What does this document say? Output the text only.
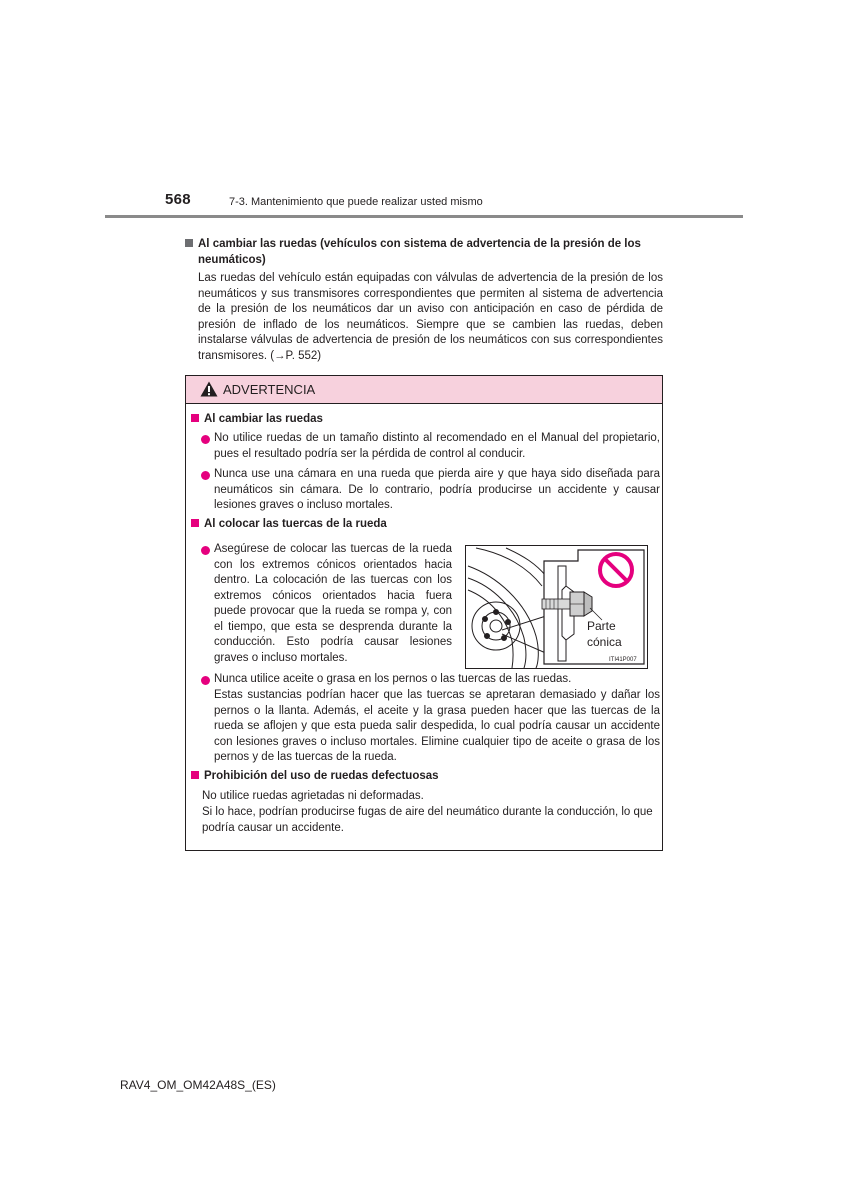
568	7-3. Mantenimiento que puede realizar usted mismo
Al cambiar las ruedas (vehículos con sistema de advertencia de la presión de los neumáticos)
Las ruedas del vehículo están equipadas con válvulas de advertencia de la presión de los neumáticos y sus transmisores correspondientes que permiten al sistema de advertencia de la presión de los neumáticos dar un aviso con anticipación en caso de pérdida de presión de inflado de los neumáticos. Siempre que se cambien las ruedas, deben instalarse válvulas de advertencia de presión de los neumáticos con sus correspondientes transmisores. (→P. 552)
ADVERTENCIA
Al cambiar las ruedas
No utilice ruedas de un tamaño distinto al recomendado en el Manual del propietario, pues el resultado podría ser la pérdida de control al conducir.
Nunca use una cámara en una rueda que pierda aire y que haya sido diseñada para neumáticos sin cámara. De lo contrario, podría producirse un accidente y causar lesiones graves o incluso mortales.
Al colocar las tuercas de la rueda
Asegúrese de colocar las tuercas de la rueda con los extremos cónicos orientados hacia dentro. La colocación de las tuercas con los extremos cónicos orientados hacia fuera puede provocar que la rueda se rompa y, con el tiempo, que esta se desprenda durante la conducción. Esto podría causar lesiones graves o incluso mortales.
Nunca utilice aceite o grasa en los pernos o las tuercas de las ruedas.
Estas sustancias podrían hacer que las tuercas se apretaran demasiado y dañar los pernos o la llanta. Además, el aceite y la grasa pueden hacer que las tuercas de la rueda se aflojen y que esta pueda salir despedida, lo cual podría causar un accidente con lesiones graves o incluso mortales. Elimine cualquier tipo de aceite o grasa de los pernos y de las tuercas de la rueda.
Prohibición del uso de ruedas defectuosas
No utilice ruedas agrietadas ni deformadas.
Si lo hace, podrían producirse fugas de aire del neumático durante la conducción, lo que podría causar un accidente.
Parte
cónica
ITI41P007
RAV4_OM_OM42A48S_(ES)
